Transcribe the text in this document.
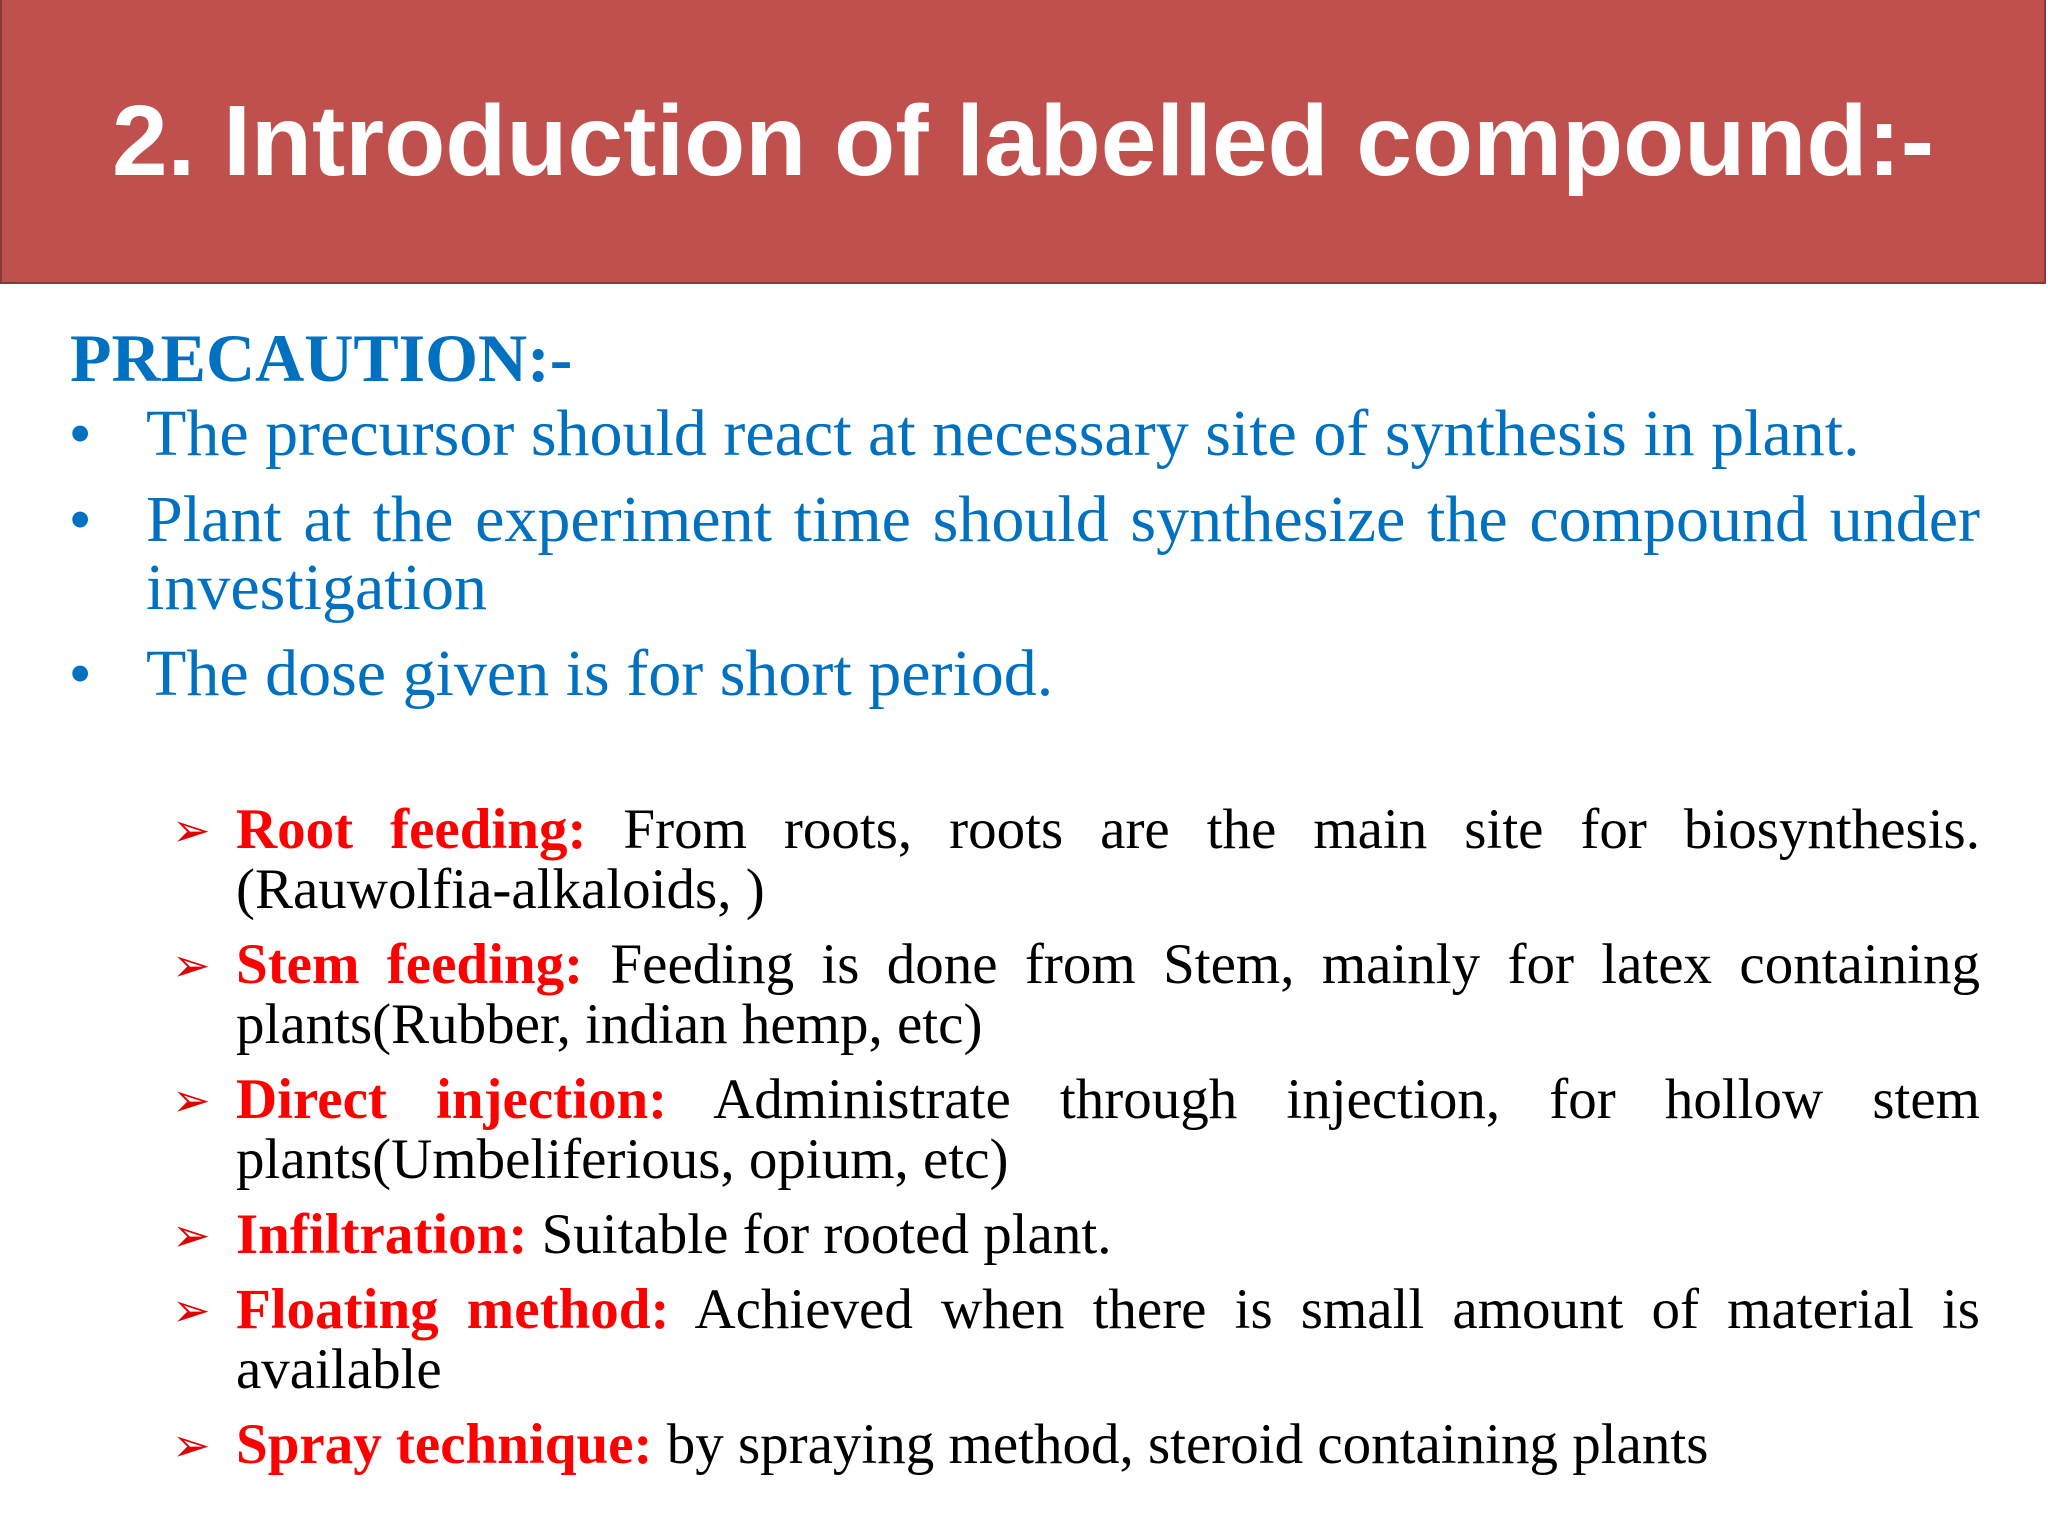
2. Introduction of labelled compound:-
PRECAUTION:-
• The precursor should react at necessary site of synthesis in plant.
• Plant at the experiment time should synthesize the compound under investigation
• The dose given is for short period.
➢ Root feeding: From roots, roots are the main site for biosynthesis.(Rauwolfia-alkaloids, )
➢ Stem feeding: Feeding is done from Stem, mainly for latex containing plants(Rubber, indian hemp, etc)
➢ Direct injection: Administrate through injection, for hollow stem plants(Umbeliferious, opium, etc)
➢ Infiltration: Suitable for rooted plant.
➢ Floating method: Achieved when there is small amount of material is available
➢ Spray technique: by spraying method, steroid containing plants
